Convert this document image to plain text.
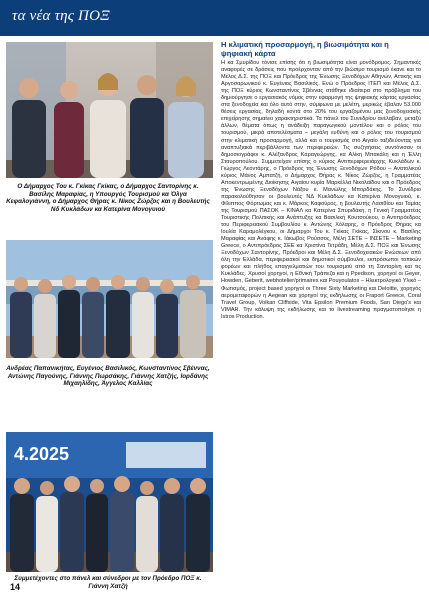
τα νέα της ΠΟΞ
Ο Δήμαρχος Του κ. Γκίκας Γκίκας, ο Δήμαρχος Σαντορίνης κ. Βασίλης Μαραφίας, η Υπουργός Τουρισμού κα Όλγα Κεφαλογιάννη, ο Δήμαρχος Θήρας κ. Νίκος Ζώρζος και η Βουλευτής Νδ Κυκλάδων κα Κατερίνα Μονογυιού
Ανδρέας Παπανικήτας, Ευγένιος Βασιλικός, Κωνσταντίνος Σβέννας, Αντώνης Παγούνης, Γιάννης Πωρσάκης, Γιάννης Χατζής, Ιορδάνης Μιχαηλίδης, Άγγελος Καλλίας
4.2025
Συμμετέχοντες στο πάνελ και σύνεδροι με τον Πρόεδρο ΠΟΞ κ. Γιάννη Χατζή
Η κλιματική προσαρμογή, η βιωσιμότητα και η ψηφιακή κάρτα

Η κα Σμυρίδου τόνισε επίσης ότι η βιωσιμότητα είναι μονόδρομος. Σημαντικές αναφορές σε δράσεις που προέρχονταν από την βιώσιμο τουρισμό έκανε και το Μέλος Δ.Σ. της ΠΟΞ και Πρόεδρος της Ένωσης Ξενοδόχων Αθηνών, Αττικής και Αργοσαρωνικού κ. Ευγένιος Βασιλικός. Ενώ ο Πρόεδρος ΙΤΕΠ και Μέλος Δ.Σ. της ΠΟΞ κύριος Κωνσταντίνος Σβέννας στάθηκε ιδιαίτερα στο πρόβλημα του δημιούργησε ο εργασιακός νόμος στην εφαρμογή της ψηφιακής κάρτας εργασίας στα ξενοδοχεία και όλο αυτό στην, σύμφωνα με μελέτη, μερικώς έβαλαν 53.000 θέσεις εργασίας, δηλαδή κοντά στο 20% του εργαζομένου μας ξενοδοχειακής επιχείρησης σημαίνει χαρακτηριστικά. Τα πάνελ του Συνεδρίου ανέλαβαν, μεταξύ άλλων, θέματα όπως η ανάδειξη παραγωγικού μοντέλου και ο ρόλος του τουρισμού, μικρά αποτελέσματα – μεγάλη ευθύνη και ο ρόλος του τουρισμού στην κλιματική προσαρμογή, αλλά και ο τουρισμός στο Αιγαίο ταξιδεύοντας για αναπτυξιακά περιβάλλοντα των περιφερειών. Τις συζητήσεις συντόνισαν οι δημοσιογράφοι κ. Αλέξανδρος Καραγεώργης, κα Αλίκη Μπακάλη και η Έλλη Σταυροπούλου. Συμμετείχαν επίσης ο κύριος Αντιπεριφερειάρχης Κυκλάδων κ. Γιώργος Λεοντάρης, ο Πρόεδρος της Ένωσης Ξενοδόχων Ρόδου – Ανατολικού κύριος Μάνος Αμπατζή, ο Δήμαρχος Θήρας κ. Νίκος Ζώρζος, η Γραμματέας Αποκεντρωμένης Διοίκησης Αιγαίου κυρία Μαρκέλλα Νικολαΐδου και ο Πρόεδρος της Ένωσης Ξενοδόχων Νάξου κ. Μανώλης Μπορδάκης. Το Συνέδριο παρακολούθησαν οι βουλευτές ΝΔ Κυκλάδων κα Κατερίνα Μονογυιού, κ. Φίλιππος Φόρτωμας και κ. Μάρκος Καφούρος, η βουλευτής Λασιθίου και Ταμίας της Τουρισμού ΠΑΣΟΚ – ΚΙΝΑΛ κα Κατερίνα Σπυριδάκη, η Γενική Γραμματέας Τουριστικής Πολιτικής και Ανάπτυξης κα Βασιλική Κουτσούκου, ο Αντιπρόεδρος του Περιφερειακού Συμβουλίου κ. Αντώνης Χόλαρης, ο Πρόεδρος Θήρας κα Ιουλία Καραμολέγκου, οι Δήμαρχοι Του κ. Γκίκας Γκίκας, Σίκινου κ. Βασίλης Μαραφίας και Ανάφης κ. Ιάκωβος Ρούσσος, Μέλη ΣΕΤΕ – ΙΝΣΕΤΕ – Marketing Greece, ο Αντιπρόεδρος ΣΕΕ κα Χριστίνα Τετράδη, Μέλη Δ.Σ. ΠΟΞ και Ένωσης Ξενοδόχων Σαντορίνης, Πρόεδροι και Μέλη Δ.Σ. Ξενοδοχειακών Ενώσεων από όλη την Ελλάδα, περιφερειακοί και δημοτικοί σύμβουλοι, εκπρόσωποι τοπικών φορέων και πλήθος επαγγελματιών του τουρισμού από τη Σαντορίνη και τις Κυκλάδες. Χρυσοί χορηγοί, η Εθνική Τράπεζα και η Ppedison, χορηγοί οι Geyer, Howden, Geberit, webhotelier/primaires και Pouyoulatos – Ηλεκτρολογικό Υλικό – Φωτισμός, project based χορηγοί οι Three Sixty Marketing και Deloitte, χορηγός αερομεταφορών η Aegean και χορηγοί της εκδήλωσης οι Fraport Greece, Coral Travel Group, Volkan Cliffside, Vita Epsilon Premium Foods, San Diego's και VIMAR. Την κάλυψη της εκδήλωσης και το livestreaming πραγματοποίησε η Istros Production.

14
